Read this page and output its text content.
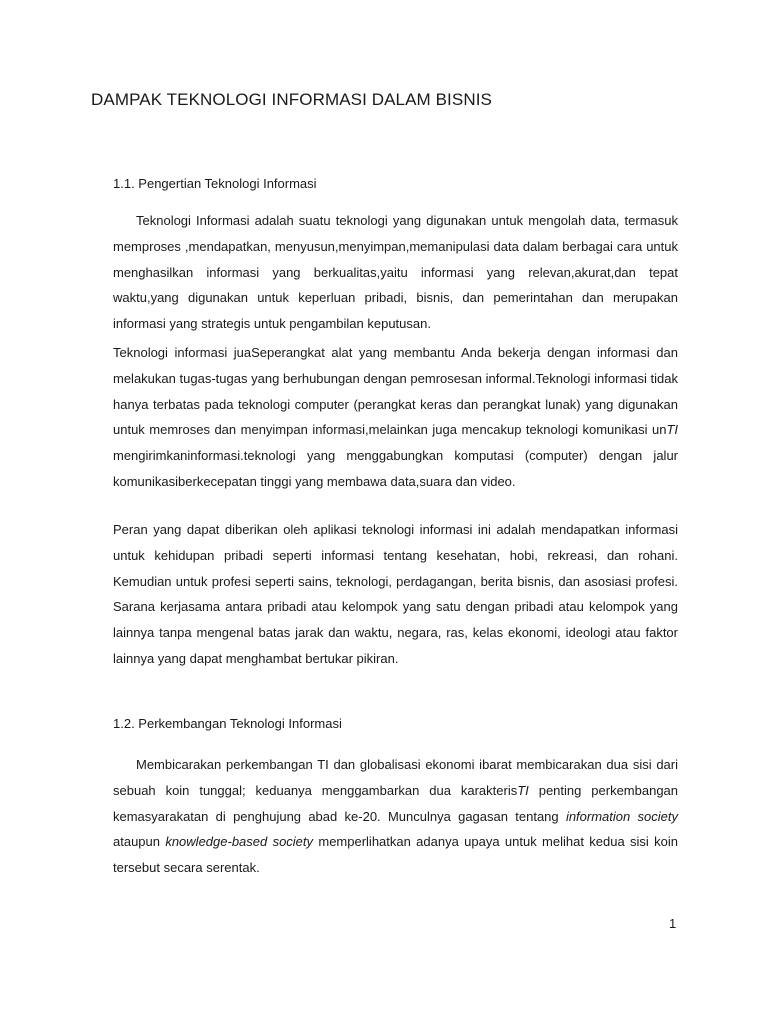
DAMPAK TEKNOLOGI INFORMASI DALAM BISNIS
1.1. Pengertian Teknologi Informasi

Teknologi Informasi adalah suatu teknologi yang digunakan untuk mengolah data, termasuk memproses ,mendapatkan, menyusun,menyimpan,memanipulasi data dalam berbagai cara untuk menghasilkan informasi yang berkualitas,yaitu informasi yang relevan,akurat,dan tepat waktu,yang digunakan untuk keperluan pribadi, bisnis, dan pemerintahan dan merupakan informasi yang strategis untuk pengambilan keputusan.

Teknologi informasi juaSeperangkat alat yang membantu Anda bekerja dengan informasi dan melakukan tugas-tugas yang berhubungan dengan pemrosesan informal.Teknologi informasi tidak hanya terbatas pada teknologi computer (perangkat keras dan perangkat lunak) yang digunakan untuk memroses dan menyimpan informasi,melainkan juga mencakup teknologi komunikasi unTI mengirimkaninformasi.teknologi yang menggabungkan komputasi (computer) dengan jalur komunikasiberkecepatan tinggi yang membawa data,suara dan video.

Peran yang dapat diberikan oleh aplikasi teknologi informasi ini adalah mendapatkan informasi untuk kehidupan pribadi seperti informasi tentang kesehatan, hobi, rekreasi, dan rohani. Kemudian untuk profesi seperti sains, teknologi, perdagangan, berita bisnis, dan asosiasi profesi. Sarana kerjasama antara pribadi atau kelompok yang satu dengan pribadi atau kelompok yang lainnya tanpa mengenal batas jarak dan waktu, negara, ras, kelas ekonomi, ideologi atau faktor lainnya yang dapat menghambat bertukar pikiran.

1.2. Perkembangan Teknologi Informasi

Membicarakan perkembangan TI dan globalisasi ekonomi ibarat membicarakan dua sisi dari sebuah koin tunggal; keduanya menggambarkan dua karakterisTI penting perkembangan kemasyarakatan di penghujung abad ke-20. Munculnya gagasan tentang information society ataupun knowledge-based society memperlihatkan adanya upaya untuk melihat kedua sisi koin tersebut secara serentak.

1
